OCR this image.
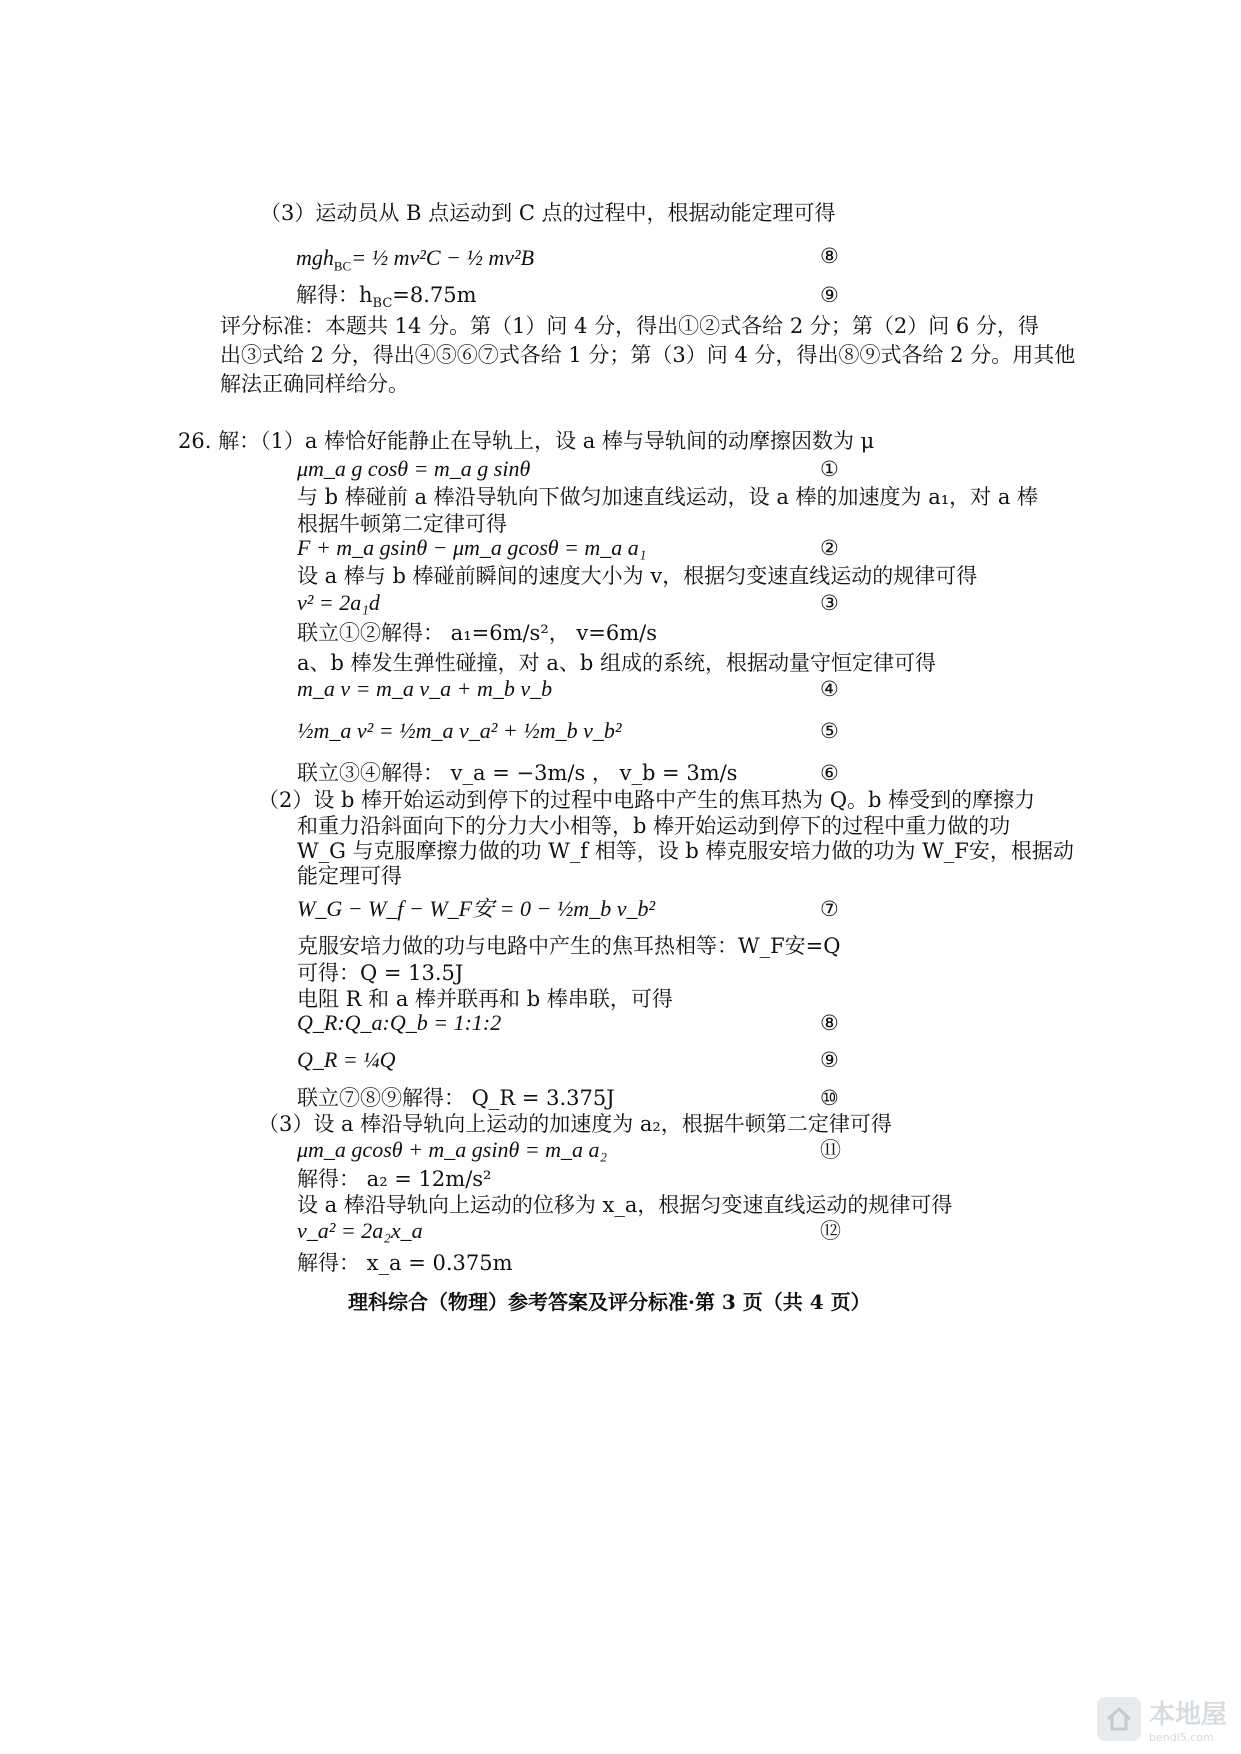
（3）运动员从 B 点运动到 C 点的过程中，根据动能定理可得
mgh$_{BC}$= ½ mv²C − ½ mv²B	⑧
解得：$h_{BC}=8.75m$	⑨
评分标准：本题共 14 分。第（1）问 4 分，得出①②式各给 2 分；第（2）问 6 分，得
出③式给 2 分，得出④⑤⑥⑦式各给 1 分；第（3）问 4 分，得出⑧⑨式各给 2 分。用其他
解法正确同样给分。
26. 解：（1）a 棒恰好能静止在导轨上，设 a 棒与导轨间的动摩擦因数为 μ
μm_a g cosθ = m_a g sinθ	①
与 b 棒碰前 a 棒沿导轨向下做匀加速直线运动，设 a 棒的加速度为 a₁，对 a 棒
根据牛顿第二定律可得
F + m_a gsinθ − μm_a gcosθ = m_a a₁	②
设 a 棒与 b 棒碰前瞬间的速度大小为 v，根据匀变速直线运动的规律可得
v² = 2a₁d	③
联立①②解得： a₁=6m/s²， v=6m/s
a、b 棒发生弹性碰撞，对 a、b 组成的系统，根据动量守恒定律可得
m_a v = m_a v_a + m_b v_b	④
½m_a v² = ½m_a v_a² + ½m_b v_b²	⑤
联立③④解得： v_a = −3m/s ， v_b = 3m/s	⑥
（2）设 b 棒开始运动到停下的过程中电路中产生的焦耳热为 Q。b 棒受到的摩擦力
和重力沿斜面向下的分力大小相等，b 棒开始运动到停下的过程中重力做的功
W_G 与克服摩擦力做的功 W_f 相等，设 b 棒克服安培力做的功为 W_F安，根据动
能定理可得
W_G − W_f − W_F安 = 0 − ½m_b v_b²	⑦
克服安培力做的功与电路中产生的焦耳热相等：W_F安=Q
可得：Q = 13.5J
电阻 R 和 a 棒并联再和 b 棒串联，可得
Q_R:Q_a:Q_b = 1:1:2	⑧
Q_R = ¼Q	⑨
联立⑦⑧⑨解得： Q_R = 3.375J	⑩
（3）设 a 棒沿导轨向上运动的加速度为 a₂，根据牛顿第二定律可得
μm_a gcosθ + m_a gsinθ = m_a a₂	⑪
解得： a₂ = 12m/s²
设 a 棒沿导轨向上运动的位移为 x_a，根据匀变速直线运动的规律可得
v_a² = 2a₂x_a	⑫
解得： x_a = 0.375m
理科综合（物理）参考答案及评分标准·第 3 页（共 4 页）
本地屋
bendi5.com
